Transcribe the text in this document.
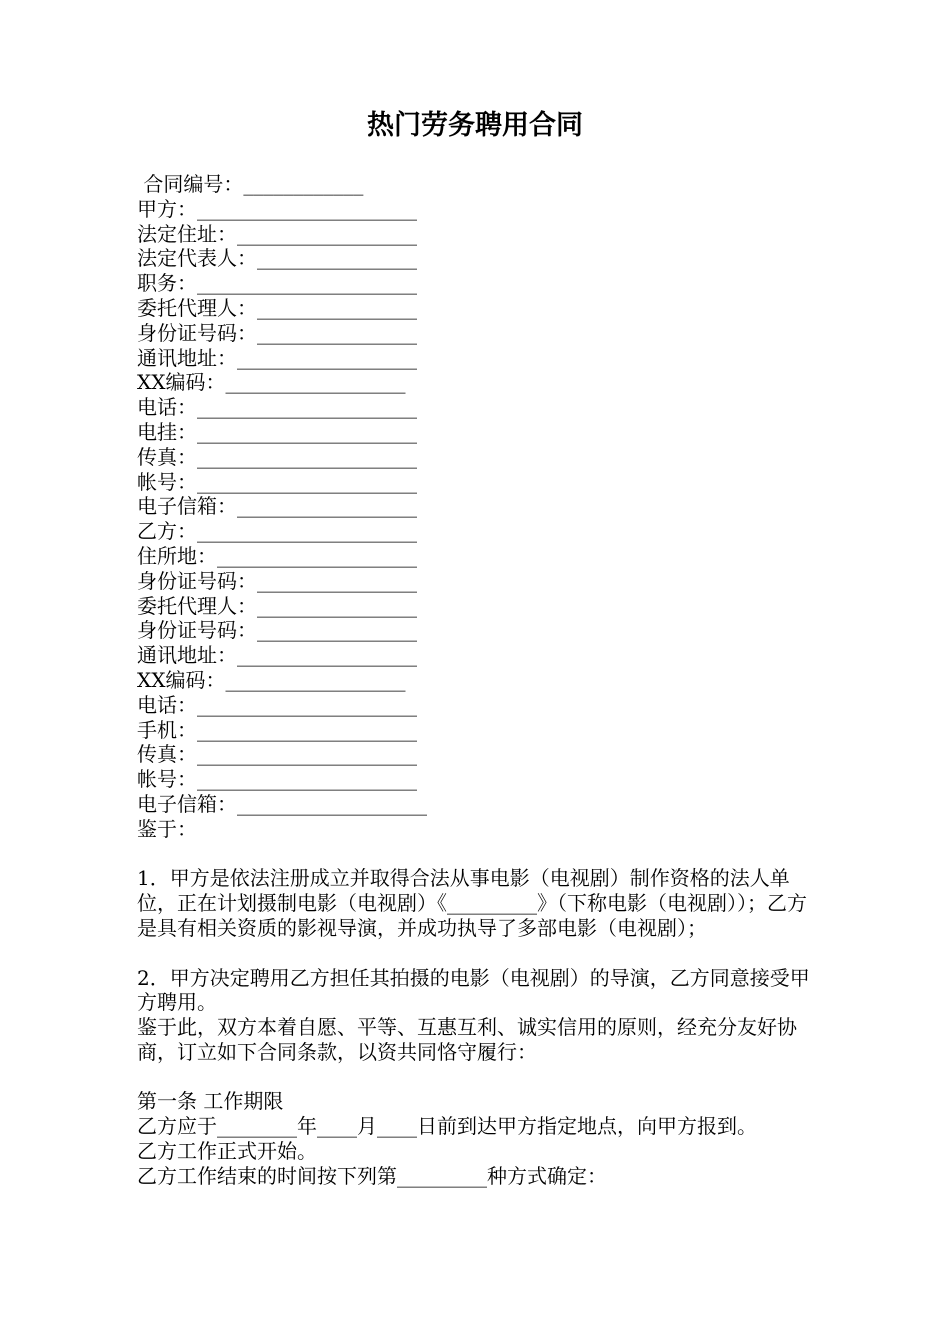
热门劳务聘用合同
合同编号：____________
甲方：______________________
法定住址：__________________
法定代表人：________________
职务：______________________
委托代理人：________________
身份证号码：________________
通讯地址：__________________
XX编码：__________________
电话：______________________
电挂：______________________
传真：______________________
帐号：______________________
电子信箱：__________________
乙方：______________________
住所地：____________________
身份证号码：________________
委托代理人：________________
身份证号码：________________
通讯地址：__________________
XX编码：__________________
电话：______________________
手机：______________________
传真：______________________
帐号：______________________
电子信箱：___________________
鉴于：
1．甲方是依法注册成立并取得合法从事电影（电视剧）制作资格的法人单位，正在计划摄制电影（电视剧）《_________》（下称电影（电视剧））；乙方是具有相关资质的影视导演，并成功执导了多部电影（电视剧）；
2．甲方决定聘用乙方担任其拍摄的电影（电视剧）的导演，乙方同意接受甲方聘用。
鉴于此，双方本着自愿、平等、互惠互利、诚实信用的原则，经充分友好协商，订立如下合同条款，以资共同恪守履行：
第一条 工作期限
乙方应于________年____月____日前到达甲方指定地点，向甲方报到。
乙方工作正式开始。
乙方工作结束的时间按下列第_________种方式确定：
